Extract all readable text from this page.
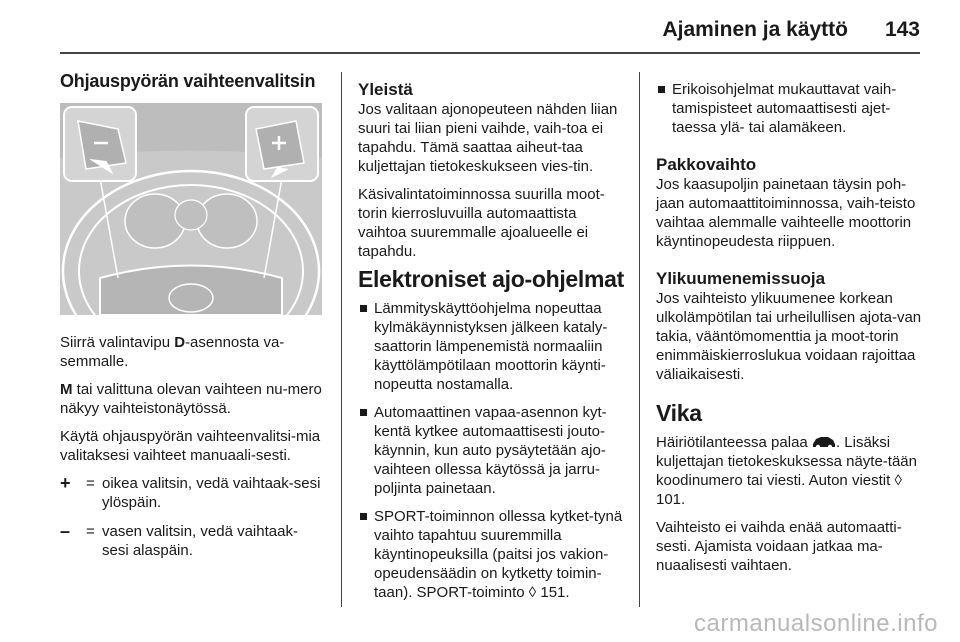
Ajaminen ja käyttö 143
Ohjauspyörän vaihteenvalitsin

Siirrä valintavipu D-asennosta va-semmalle.

M tai valittuna olevan vaihteen nu-mero näkyy vaihteistonäytössä.

Käytä ohjauspyörän vaihteenvalitsi-mia valitaksesi vaihteet manuaali-sesti.

+	= oikea valitsin, vedä vaihtaak-sesi ylöspäin.
–	= vasen valitsin, vedä vaihtaak-sesi alaspäin.
Yleistä

Jos valitaan ajonopeuteen nähden liian suuri tai liian pieni vaihde, vaih-toa ei tapahdu. Tämä saattaa aiheut-taa kuljettajan tietokeskukseen vies-tin.

Käsivalintatoiminnossa suurilla moot-torin kierrosluvuilla automaattista vaihtoa suuremmalle ajoalueelle ei tapahdu.

Elektroniset ajo-ohjelmat
Lämmityskäyttöohjelma nopeuttaa kylmäkäynnistyksen jälkeen kataly-saattorin lämpenemistä normaaliin käyttölämpötilaan moottorin käynti-nopeutta nostamalla.
Automaattinen vapaa-asennon kyt-kentä kytkee automaattisesti jouto-käynnin, kun auto pysäytetään ajo-vaihteen ollessa käytössä ja jarru-poljinta painetaan.
SPORT-toiminnon ollessa kytket-tynä vaihto tapahtuu suuremmilla käyntinopeuksilla (paitsi jos vakion-opeudensäädin on kytketty toimin-taan). SPORT-toiminto ◊ 151.
Erikoisohjelmat mukauttavat vaih-tamispisteet automaattisesti ajet-taessa ylä- tai alamäkeen.
Pakkovaihto

Jos kaasupoljin painetaan täysin poh-jaan automaattitoiminnossa, vaih-teisto vaihtaa alemmalle vaihteelle moottorin käyntinopeudesta riippuen.

Ylikuumenemissuoja

Jos vaihteisto ylikuumenee korkean ulkolämpötilan tai urheilullisen ajota-van takia, vääntömomenttia ja moot-torin enimmäiskierroslukua voidaan rajoittaa väliaikaisesti.

Vika

Häiriötilanteessa palaa . Lisäksi kuljettajan tietokeskuksessa näyte-tään koodinumero tai viesti. Auton viestit ◊ 101.

Vaihteisto ei vaihda enää automaatti-sesti. Ajamista voidaan jatkaa ma-nuaalisesti vaihtaen.

carmanualsonline.info
